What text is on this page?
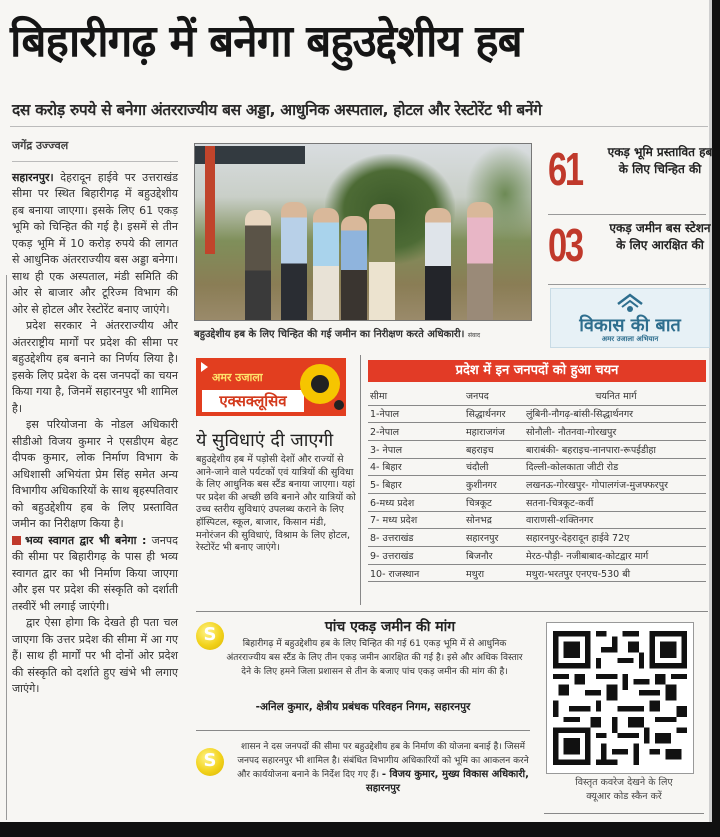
बिहारीगढ़ में बनेगा बहुउद्देशीय हब
दस करोड़ रुपये से बनेगा अंतरराज्यीय बस अड्डा, आधुनिक अस्पताल, होटल और रेस्टोरेंट भी बनेंगे
जगेंद्र उज्ज्वल

सहारनपुर। देहरादून हाईवे पर उत्तराखंड सीमा पर स्थित बिहारीगढ़ में बहुउद्देशीय हब बनाया जाएगा। इसके लिए 61 एकड़ भूमि को चिन्हित की गई है। इसमें से तीन एकड़ भूमि में 10 करोड़ रुपये की लागत से आधुनिक अंतरराज्यीय बस अड्डा बनेगा। साथ ही एक अस्पताल, मंडी समिति की ओर से बाजार और टूरिज्म विभाग की ओर से होटल और रेस्टोरेंट बनाए जाएंगे।

प्रदेश सरकार ने अंतरराज्यीय और अंतरराष्ट्रीय मार्गों पर प्रदेश की सीमा पर बहुउद्देशीय हब बनाने का निर्णय लिया है। इसके लिए प्रदेश के दस जनपदों का चयन किया गया है, जिनमें सहारनपुर भी शामिल है।

इस परियोजना के नोडल अधिकारी सीडीओ विजय कुमार ने एसडीएम बेहट दीपक कुमार, लोक निर्माण विभाग के अधिशासी अभियंता प्रेम सिंह समेत अन्य विभागीय अधिकारियों के साथ बृहस्पतिवार को बहुउद्देशीय हब के लिए प्रस्तावित जमीन का निरीक्षण किया है।

भव्य स्वागत द्वार भी बनेगा : जनपद की सीमा पर बिहारीगढ़ के पास ही भव्य स्वागत द्वार का भी निर्माण किया जाएगा और इस पर प्रदेश की संस्कृति को दर्शाती तस्वीरें भी लगाई जाएंगी।

द्वार ऐसा होगा कि देखते ही पता चल जाएगा कि उत्तर प्रदेश की सीमा में आ गए हैं। साथ ही मार्गों पर भी दोनों ओर प्रदेश की संस्कृति को दर्शाते हुए खंभे भी लगाए जाएंगे।

बहुउद्देशीय हब के लिए चिन्हित की गई जमीन का निरीक्षण करते अधिकारी। संवाद
61 एकड़ भूमि प्रस्तावित हब के लिए चिन्हित की
03 एकड़ जमीन बस स्टेशन के लिए आरक्षित की
विकास की बात
अमर उजाला अभियान
अमर उजाला
एक्सक्लूसिव
ये सुविधाएं दी जाएगी
बहुउद्देशीय हब में पड़ोसी देशों और राज्यों से आने-जाने वाले पर्यटकों एवं यात्रियों की सुविधा के लिए आधुनिक बस स्टैंड बनाया जाएगा। यहां पर प्रदेश की अच्छी छवि बनाने और यात्रियों को उच्च स्तरीय सुविधाएं उपलब्ध कराने के लिए हॉस्पिटल, स्कूल, बाजार, किसान मंडी, मनोरंजन की सुविधाएं, विश्राम के लिए होटल, रेस्टोरेंट भी बनाए जाएंगे।
प्रदेश में इन जनपदों को हुआ चयन
सीमा	जनपद	चयनित मार्ग
1-नेपाल	सिद्धार्थनगर	लुंबिनी-नौगढ़-बांसी-सिद्धार्थनगर
2-नेपाल	महाराजगंज	सोनौली- नौतनवा-गोरखपुर
3- नेपाल	बहराइच	बाराबंकी- बहराइच-नानपारा-रूपईडीहा
4- बिहार	चंदौली	दिल्ली-कोलकाता जीटी रोड
5- बिहार	कुशीनगर	लखनऊ-गोरखपुर- गोपालगंज-मुजफ्फरपुर
6-मध्य प्रदेश	चित्रकूट	सतना-चित्रकूट-कर्वी
7- मध्य प्रदेश	सोनभद्र	वाराणसी-शक्तिनगर
8- उत्तराखंड	सहारनपुर	सहारनपुर-देहरादून हाईवे 72ए
9- उत्तराखंड	बिजनौर	मेरठ-पौड़ी- नजीबाबाद-कोटद्वार मार्ग
10- राजस्थान	मथुरा	मथुरा-भरतपुर एनएच-530 बी
S
पांच एकड़ जमीन की मांग
बिहारीगढ़ में बहुउद्देशीय हब के लिए चिन्हित की गई 61 एकड़ भूमि में से आधुनिक अंतरराज्यीय बस स्टैंड के लिए तीन एकड़ जमीन आरक्षित की गई है। इसे और अधिक विस्तार देने के लिए हमने जिला प्रशासन से तीन के बजाए पांच एकड़ जमीन की मांग की है।
-अनिल कुमार, क्षेत्रीय प्रबंधक परिवहन निगम, सहारनपुर
S
शासन ने दस जनपदों की सीमा पर बहुउद्देशीय हब के निर्माण की योजना बनाई है। जिसमें जनपद सहारनपुर भी शामिल है। संबंधित विभागीय अधिकारियों को भूमि का आकलन करने और कार्ययोजना बनाने के निर्देश दिए गए हैं। - विजय कुमार, मुख्य विकास अधिकारी, सहारनपुर
विस्तृत कवरेज देखने के लिए
क्यूआर कोड स्कैन करें
